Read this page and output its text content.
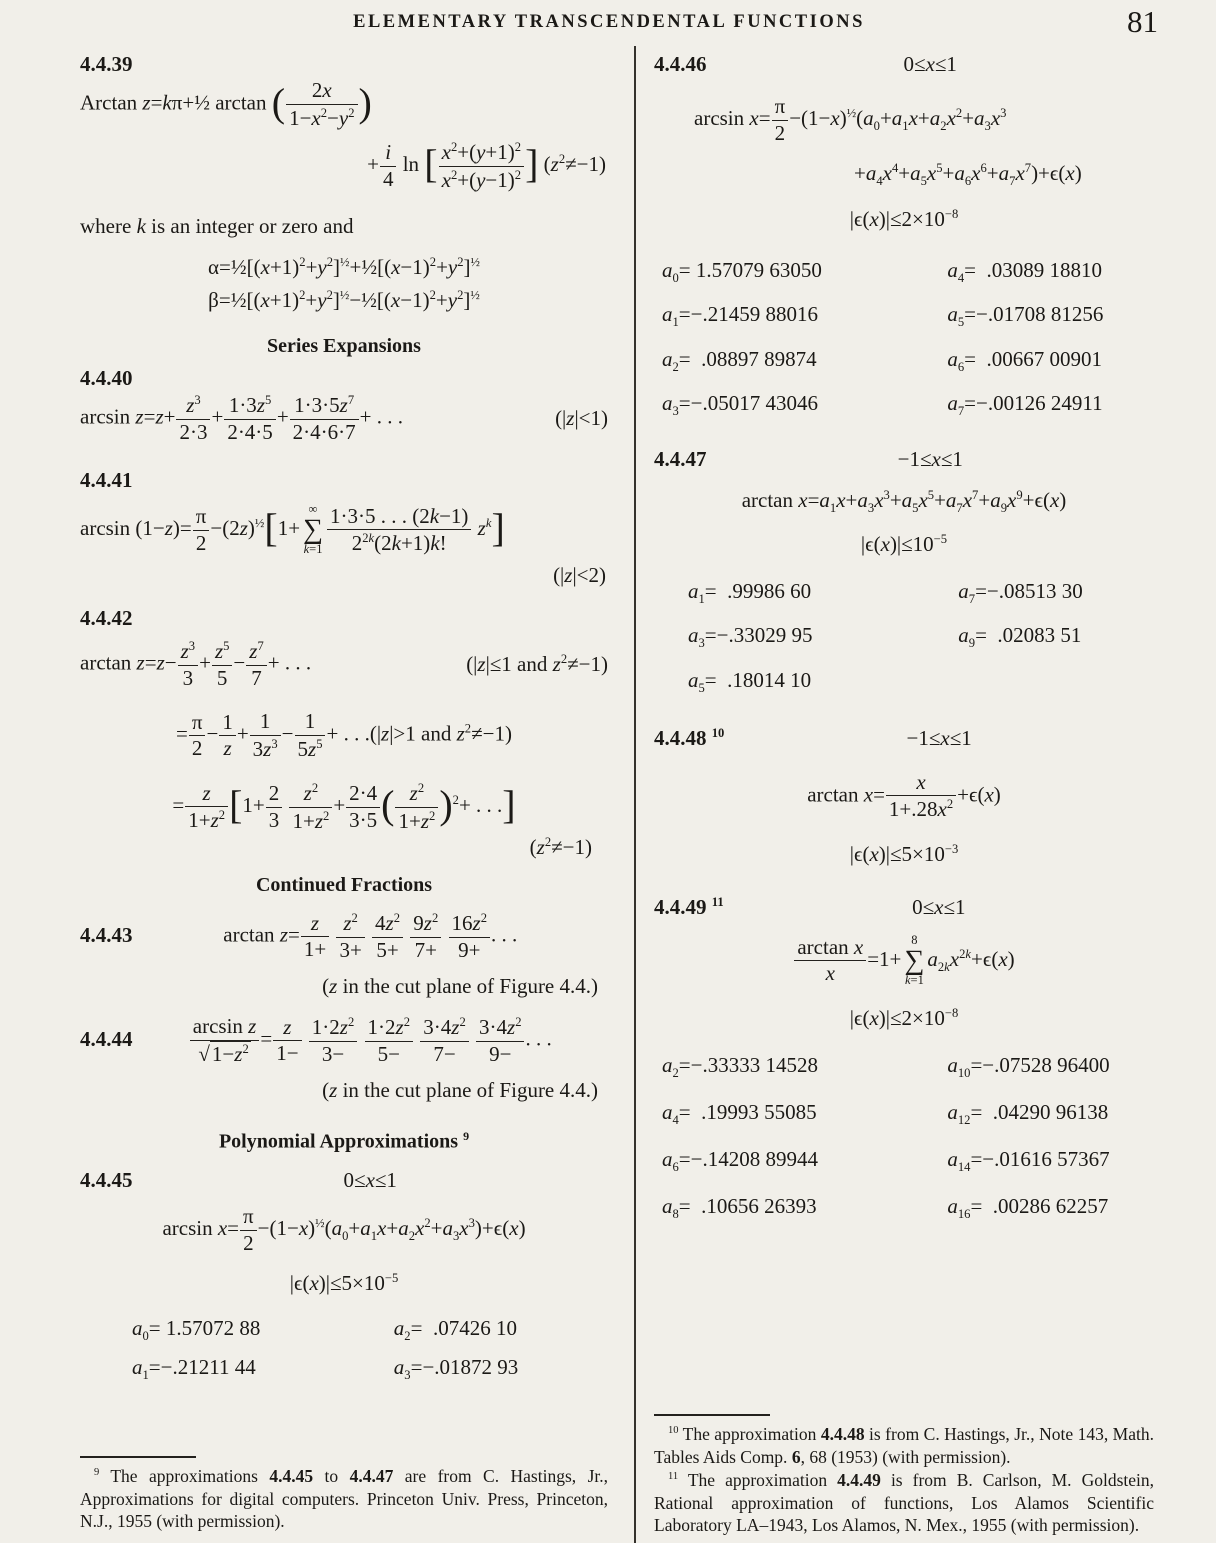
ELEMENTARY TRANSCENDENTAL FUNCTIONS	81
4.4.39
Arctan z=kπ+½ arctan ( $\frac{2x}{1-x^2-y^2}$ )
+ $\frac{i}{4}$ ln [ $\frac{x^2+(y+1)^2}{x^2+(y-1)^2}$ ] $(z^2\ne-1)$
where k is an integer or zero and
$\alpha=\frac{1}{2}[(x+1)^2+y^2]^{\frac{1}{2}}+\frac{1}{2}[(x-1)^2+y^2]^{\frac{1}{2}}$
$\beta=\frac{1}{2}[(x+1)^2+y^2]^{\frac{1}{2}}-\frac{1}{2}[(x-1)^2+y^2]^{\frac{1}{2}}$
Series Expansions
4.4.40
$\arcsin z=z+ \frac{z^3}{2\cdot 3} + \frac{1\cdot 3z^5}{2\cdot 4\cdot 5} + \frac{1\cdot 3\cdot 5z^7}{2\cdot 4\cdot 6\cdot 7}$ + . . .	(|z|<1)
4.4.41
$\arcsin (1-z)= \frac{\pi}{2} -(2z)^{\frac{1}{2}}[1+$
∞
∑
$k=1 \frac{1\cdot 3\cdot 5 . . . (2k-1)}{2^{2k}(2k+1)k!} z^k$]
(|z|<2)
4.4.42
$\arctan z=z- \frac{z^3}{3} + \frac{z^5}{5} - \frac{z^7}{7}$ + . . .	(|z|≤1 and $z^2\ne-1$)
= $\frac{\pi}{2} - \frac{1}{z} + \frac{1}{3z^3} - \frac{1}{5z^5}$ + . . .(|z|>1 and $z^2\ne-1$)
= $\frac{z}{1+z^2} [1+ \frac{2}{3}$
$\frac{z^2}{1+z^2} + \frac{2\cdot 4}{3\cdot 5}$ ( $\frac{z^2}{1+z^2} )^2+$ . . .]
$(z^2\ne-1)$
Continued Fractions
4.4.43	$\arctan z= \frac{z}{1+}$
$\frac{z^2}{3+}$
$\frac{4z^2}{5+}$
$\frac{9z^2}{7+}$
$\frac{16z^2}{9+}$ . . .
(z in the cut plane of Figure 4.4.)
4.4.44	$\frac{\text{arcsin z}}{√1-z^2} = \frac{z}{1-}$
$\frac{1\cdot 2z^2}{3-}$
$\frac{1\cdot 2z^2}{5-}$
$\frac{3\cdot 4z^2}{7-}$
$\frac{3\cdot 4z^2}{9-}$ . . .
(z in the cut plane of Figure 4.4.)
Polynomial Approximations $^9$
4.4.45	0≤x≤1
$\arcsin x= \frac{\pi}{2} -(1-x)^{\frac{1}{2}}(a_0+a_1x+a_2x^2+a_3x^3)+\epsilon(x)$
$|\epsilon(x)|\le 5\times 10^{-5}$
$a_0= 1.57072$ 88	$a_2= .07426$ 10
$a_1= -.21211$ 44	$a_3= -.01872$ 93
$^9$ The approximations 4.4.45 to 4.4.47 are from C. Hastings, Jr., Approximations for digital computers. Princeton Univ. Press, Princeton, N.J., 1955 (with permission).
4.4.46	0≤x≤1
$\arcsin x= \frac{\pi}{2} -(1-x)^{\frac{1}{2}}(a_0+a_1x+a_2x^2+a_3x^3$
$+a_4x^4+a_5x^5+a_6x^6+a_7x^7)+\epsilon(x)$
$|\epsilon(x)|\le 2\times 10^{-8}$
$a_0= 1.57079$ 63050	$a_4= .03089$ 18810
$a_1= -.21459$ 88016	$a_5= -.01708$ 81256
$a_2= .08897$ 89874	$a_6= .00667$ 00901
$a_3= -.05017$ 43046	$a_7= -.00126$ 24911
4.4.47	−1≤x≤1
$\arctan x=a_1x+a_3x^3+a_5x^5+a_7x^7+a_9x^9+\epsilon(x)$
$|\epsilon(x)|\le 10^{-5}$
$a_1= .99986$ 60	$a_7= -.08513$ 30
$a_3= -.33029$ 95	$a_9= .02083$ 51
$a_5= .18014$ 10
4.4.48 $^{10}$	−1≤x≤1
$\arctan x= \frac{x}{1+.28x^2} +\epsilon(x)$
$|\epsilon(x)|\le 5\times 10^{-3}$
4.4.49 $^{11}$	0≤x≤1
$\frac{\text{arctan x}}{x} =1+$
8
∑
k=1
$a_{2k}x^{2k}+\epsilon(x)$
$|\epsilon(x)|\le 2\times 10^{-8}$
$a_2= -.33333$ 14528	$a_{10}= -.07528$ 96400
$a_4= .19993$ 55085	$a_{12}= .04290$ 96138
$a_6= -.14208$ 89944	$a_{14}= -.01616$ 57367
$a_8= .10656$ 26393	$a_{16}= .00286$ 62257
$^{10}$ The approximation 4.4.48 is from C. Hastings, Jr., Note 143, Math. Tables Aids Comp. 6, 68 (1953) (with permission).
$^{11}$ The approximation 4.4.49 is from B. Carlson, M. Goldstein, Rational approximation of functions, Los Alamos Scientific Laboratory LA–1943, Los Alamos, N. Mex., 1955 (with permission).
